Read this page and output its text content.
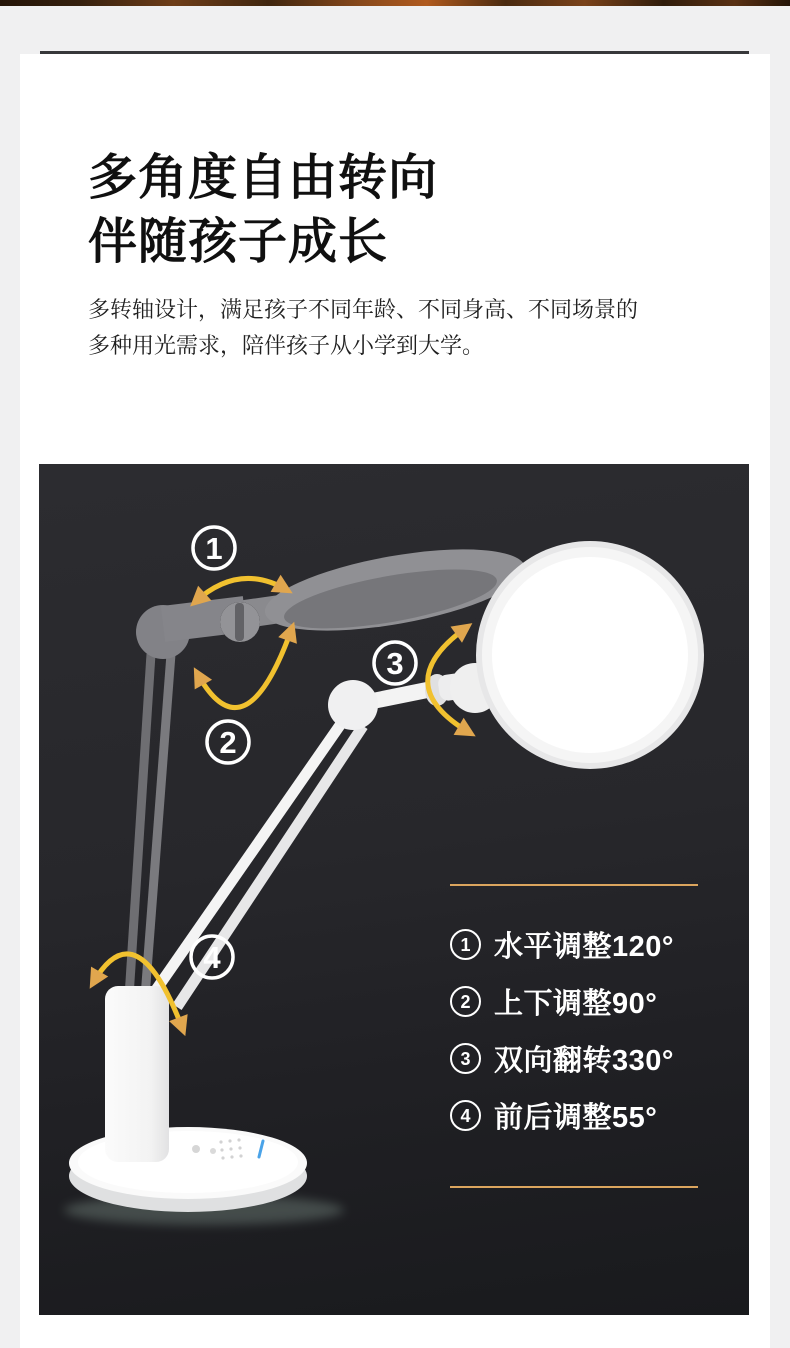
多角度自由转向
伴随孩子成长
多转轴设计，满足孩子不同年龄、不同身高、不同场景的
多种用光需求，陪伴孩子从小学到大学。
1
2
3
4	1 水平调整120°
2 上下调整90°
3 双向翻转330°
4 前后调整55°
